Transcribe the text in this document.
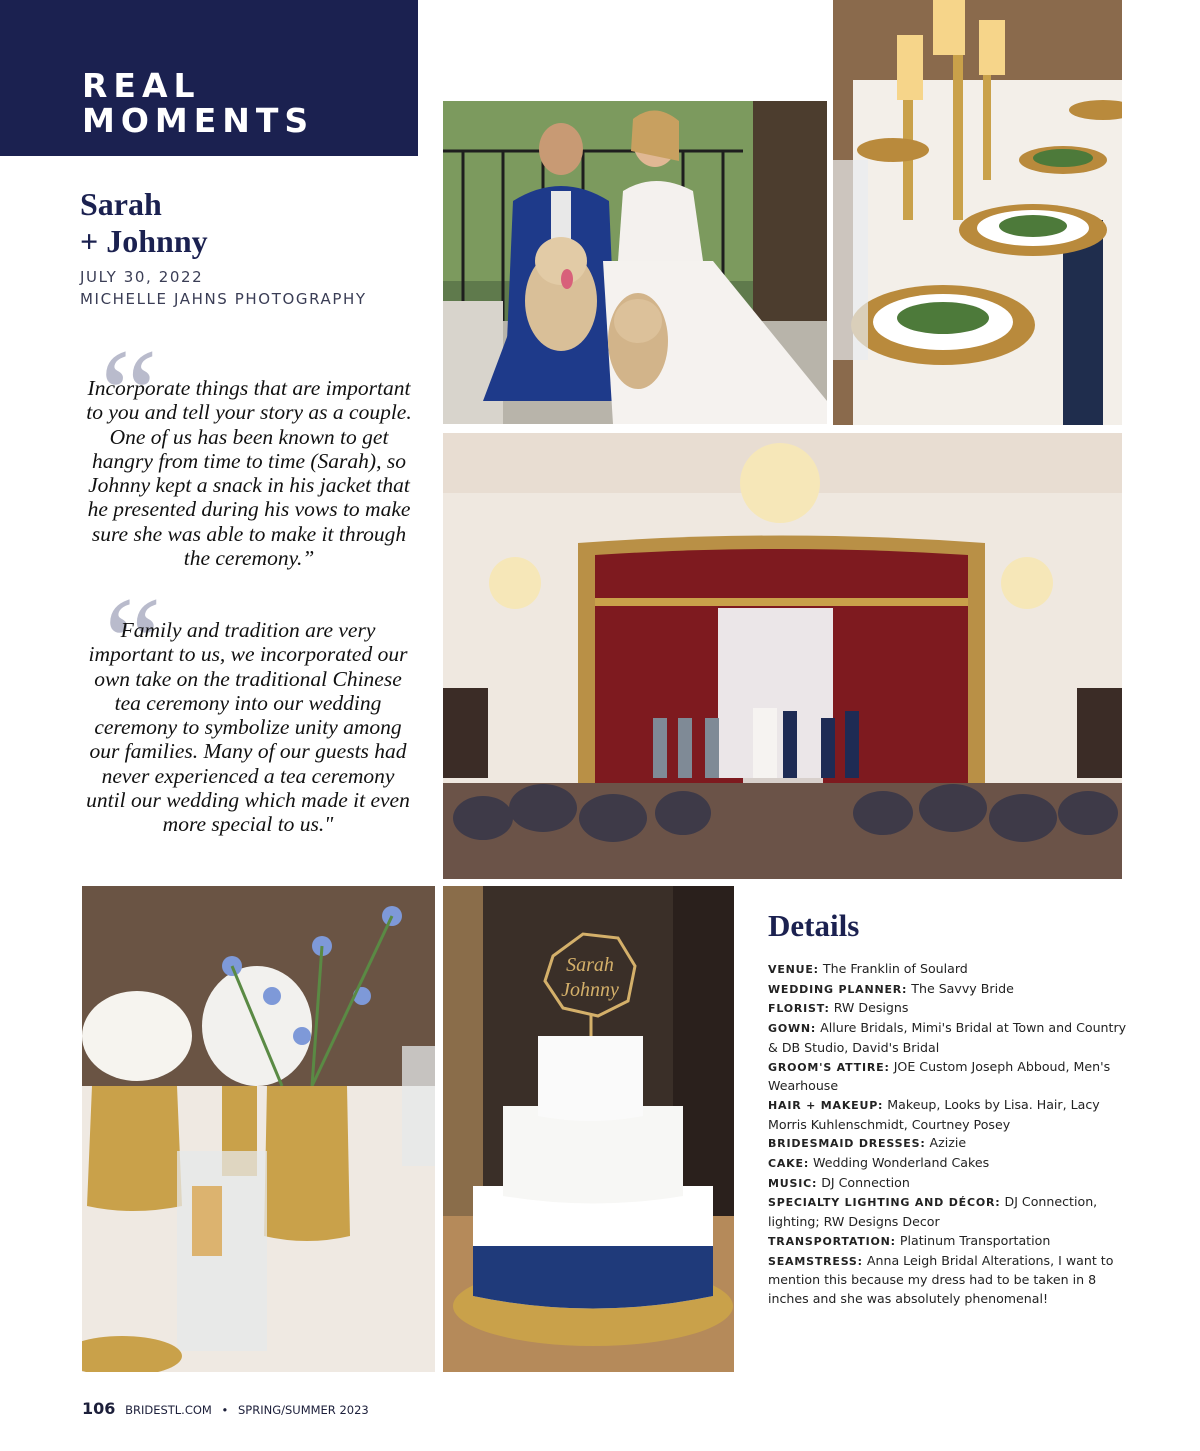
REAL
MOMENTS
Sarah
+ Johnny
JULY 30, 2022
MICHELLE JAHNS PHOTOGRAPHY
“

Incorporate things that are important to you and tell your story as a couple. One of us has been known to get hangry from time to time (Sarah), so Johnny kept a snack in his jacket that he presented during his vows to make sure she was able to make it through the ceremony.”

“

Family and tradition are very important to us, we incorporated our own take on the traditional Chinese tea ceremony into our wedding ceremony to symbolize unity among our families. Many of our guests had never experienced a tea ceremony until our wedding which made it even more special to us."

Sarah
Johnny
Details
VENUE: The Franklin of Soulard
WEDDING PLANNER: The Savvy Bride
FLORIST: RW Designs
GOWN: Allure Bridals, Mimi's Bridal at Town and Country & DB Studio, David's Bridal
GROOM'S ATTIRE: JOE Custom Joseph Abboud, Men's Wearhouse
HAIR + MAKEUP: Makeup, Looks by Lisa. Hair, Lacy Morris Kuhlenschmidt, Courtney Posey
BRIDESMAID DRESSES: Azizie
CAKE: Wedding Wonderland Cakes
MUSIC: DJ Connection
SPECIALTY LIGHTING AND DÉCOR: DJ Connection, lighting; RW Designs Decor
TRANSPORTATION: Platinum Transportation
SEAMSTRESS: Anna Leigh Bridal Alterations, I want to mention this because my dress had to be taken in 8 inches and she was absolutely phenomenal!
106 BRIDESTL.COM • SPRING/SUMMER 2023
